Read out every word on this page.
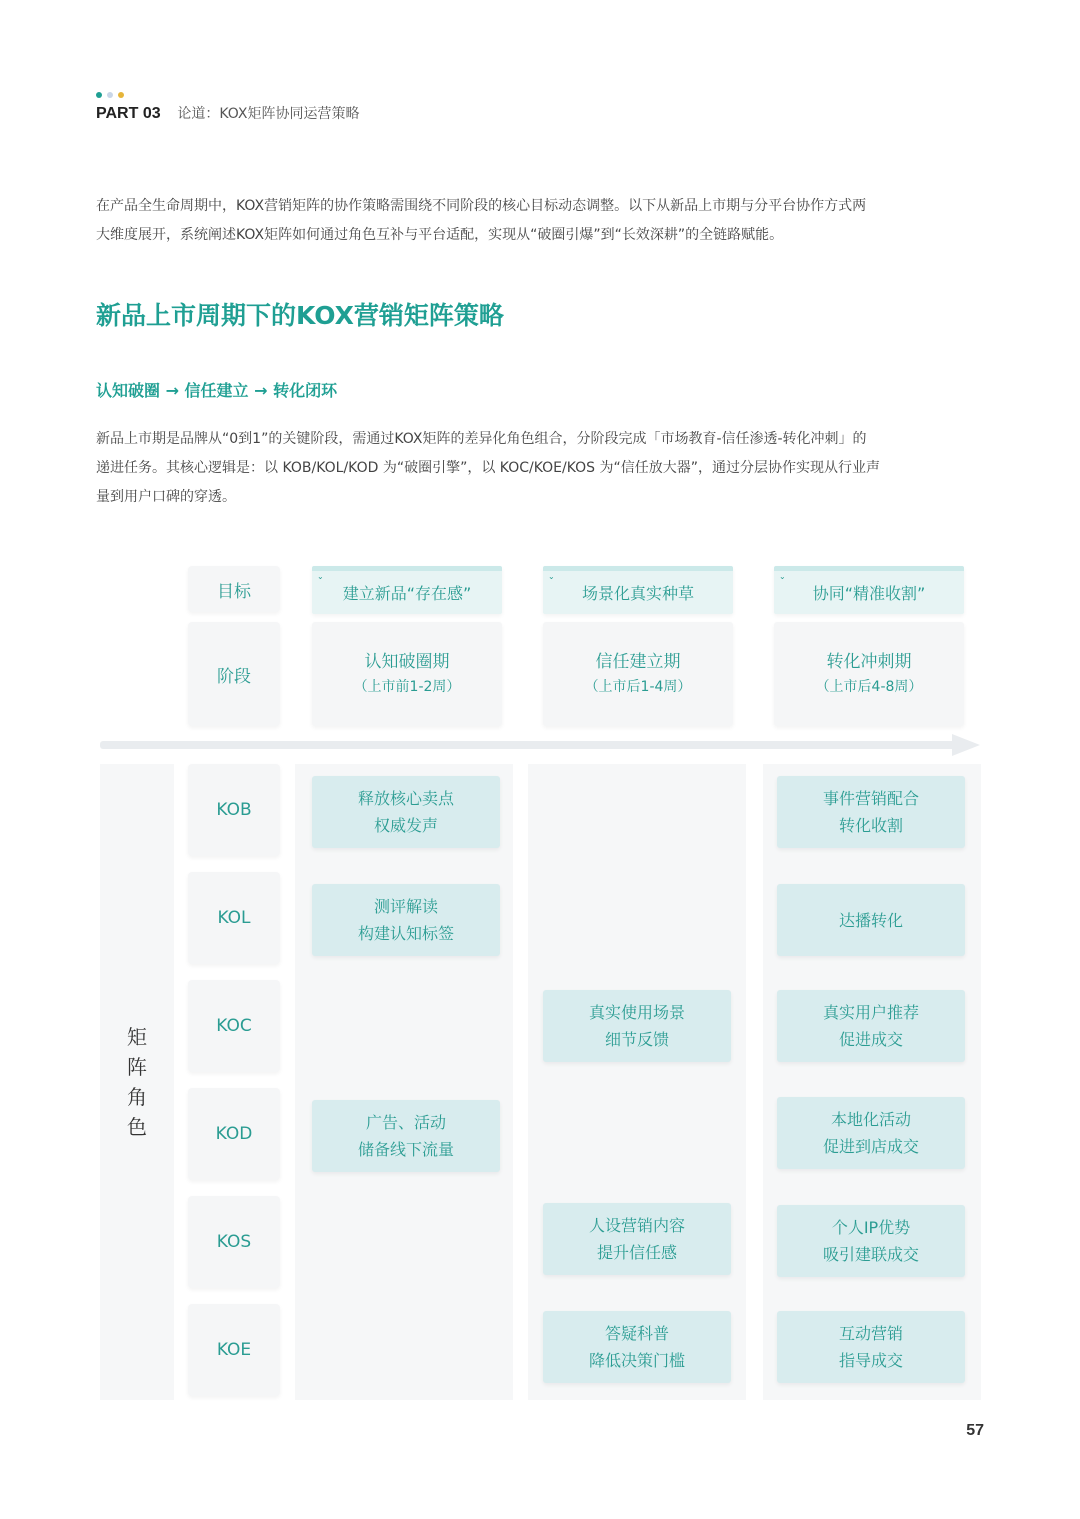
PART 03 论道：KOX矩阵协同运营策略
在产品全生命周期中，KOX营销矩阵的协作策略需围绕不同阶段的核心目标动态调整。以下从新品上市期与分平台协作方式两
大维度展开，系统阐述KOX矩阵如何通过角色互补与平台适配，实现从“破圈引爆”到“长效深耕”的全链路赋能。
新品上市周期下的KOX营销矩阵策略
认知破圈 → 信任建立 → 转化闭环
新品上市期是品牌从“0到1”的关键阶段，需通过KOX矩阵的差异化角色组合，分阶段完成「市场教育-信任渗透-转化冲刺」的
递进任务。其核心逻辑是：以 KOB/KOL/KOD 为“破圈引擎”，以 KOC/KOE/KOS 为“信任放大器”，通过分层协作实现从行业声
量到用户口碑的穿透。
目标
阶段
⌄
建立新品“存在感”
⌄
场景化真实种草
⌄
协同“精准收割”
认知破圈期
（上市前1-2周）
信任建立期
（上市后1-4周）
转化冲刺期
（上市后4-8周）
矩
阵
角
色
KOB
KOL
KOC
KOD
KOS
KOE
释放核心卖点
权威发声
测评解读
构建认知标签
广告、活动
储备线下流量
真实使用场景
细节反馈
人设营销内容
提升信任感
答疑科普
降低决策门槛
事件营销配合
转化收割
达播转化
真实用户推荐
促进成交
本地化活动
促进到店成交
个人IP优势
吸引建联成交
互动营销
指导成交
57
